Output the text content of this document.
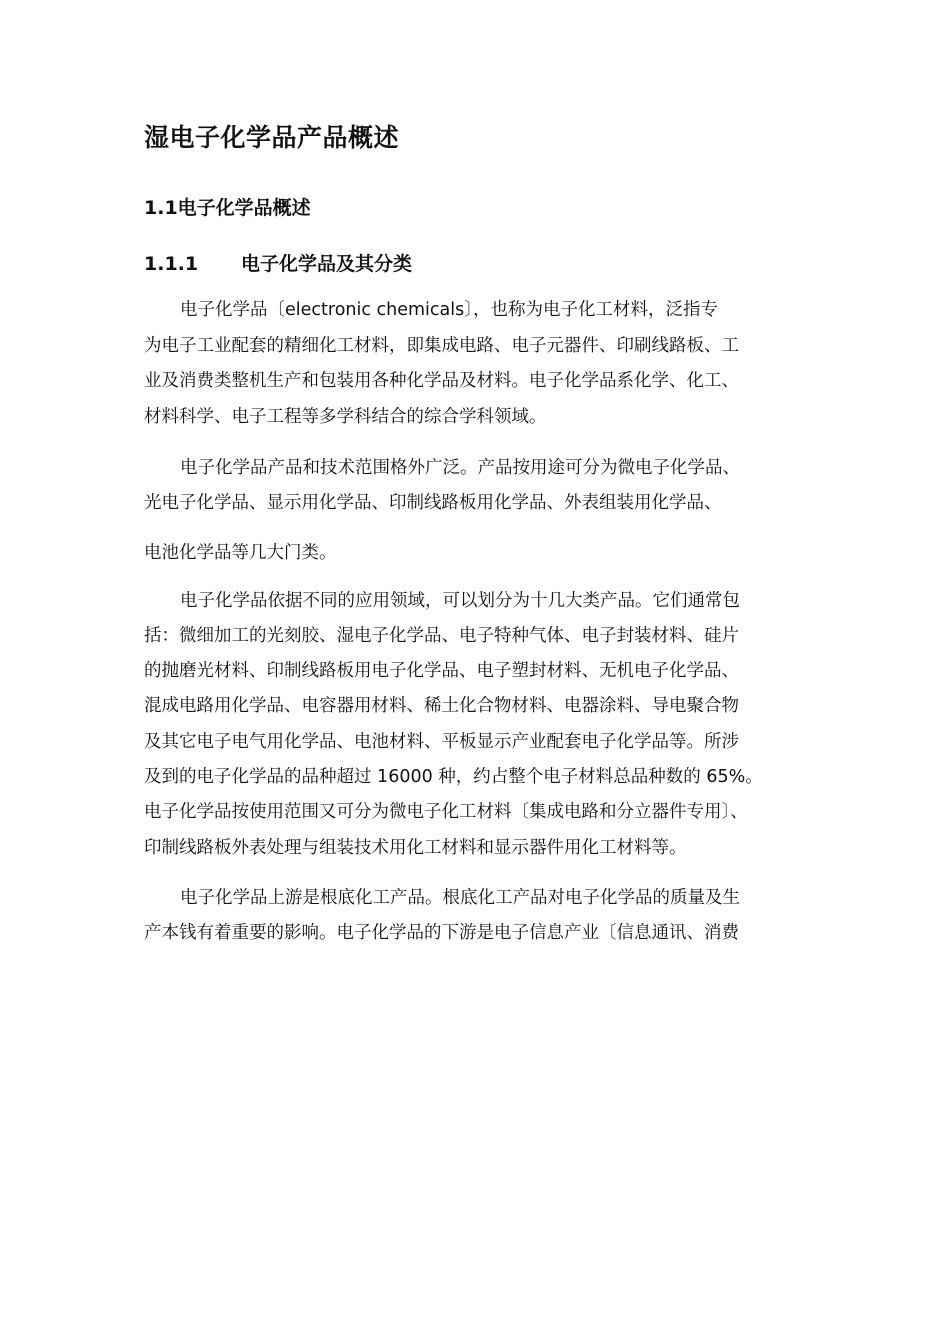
湿电子化学品产品概述
1.1电子化学品概述
1.1.1 电子化学品及其分类
电子化学品〔electronic chemicals〕，也称为电子化工材料，泛指专
为电子工业配套的精细化工材料，即集成电路、电子元器件、印刷线路板、工
业及消费类整机生产和包装用各种化学品及材料。电子化学品系化学、化工、
材料科学、电子工程等多学科结合的综合学科领域。
电子化学品产品和技术范围格外广泛。产品按用途可分为微电子化学品、
光电子化学品、显示用化学品、印制线路板用化学品、外表组装用化学品、
电池化学品等几大门类。
电子化学品依据不同的应用领域，可以划分为十几大类产品。它们通常包
括：微细加工的光刻胶、湿电子化学品、电子特种气体、电子封装材料、硅片
的抛磨光材料、印制线路板用电子化学品、电子塑封材料、无机电子化学品、
混成电路用化学品、电容器用材料、稀土化合物材料、电器涂料、导电聚合物
及其它电子电气用化学品、电池材料、平板显示产业配套电子化学品等。所涉
及到的电子化学品的品种超过 16000 种，约占整个电子材料总品种数的 65%。
电子化学品按使用范围又可分为微电子化工材料〔集成电路和分立器件专用〕、
印制线路板外表处理与组装技术用化工材料和显示器件用化工材料等。
电子化学品上游是根底化工产品。根底化工产品对电子化学品的质量及生
产本钱有着重要的影响。电子化学品的下游是电子信息产业〔信息通讯、消费
